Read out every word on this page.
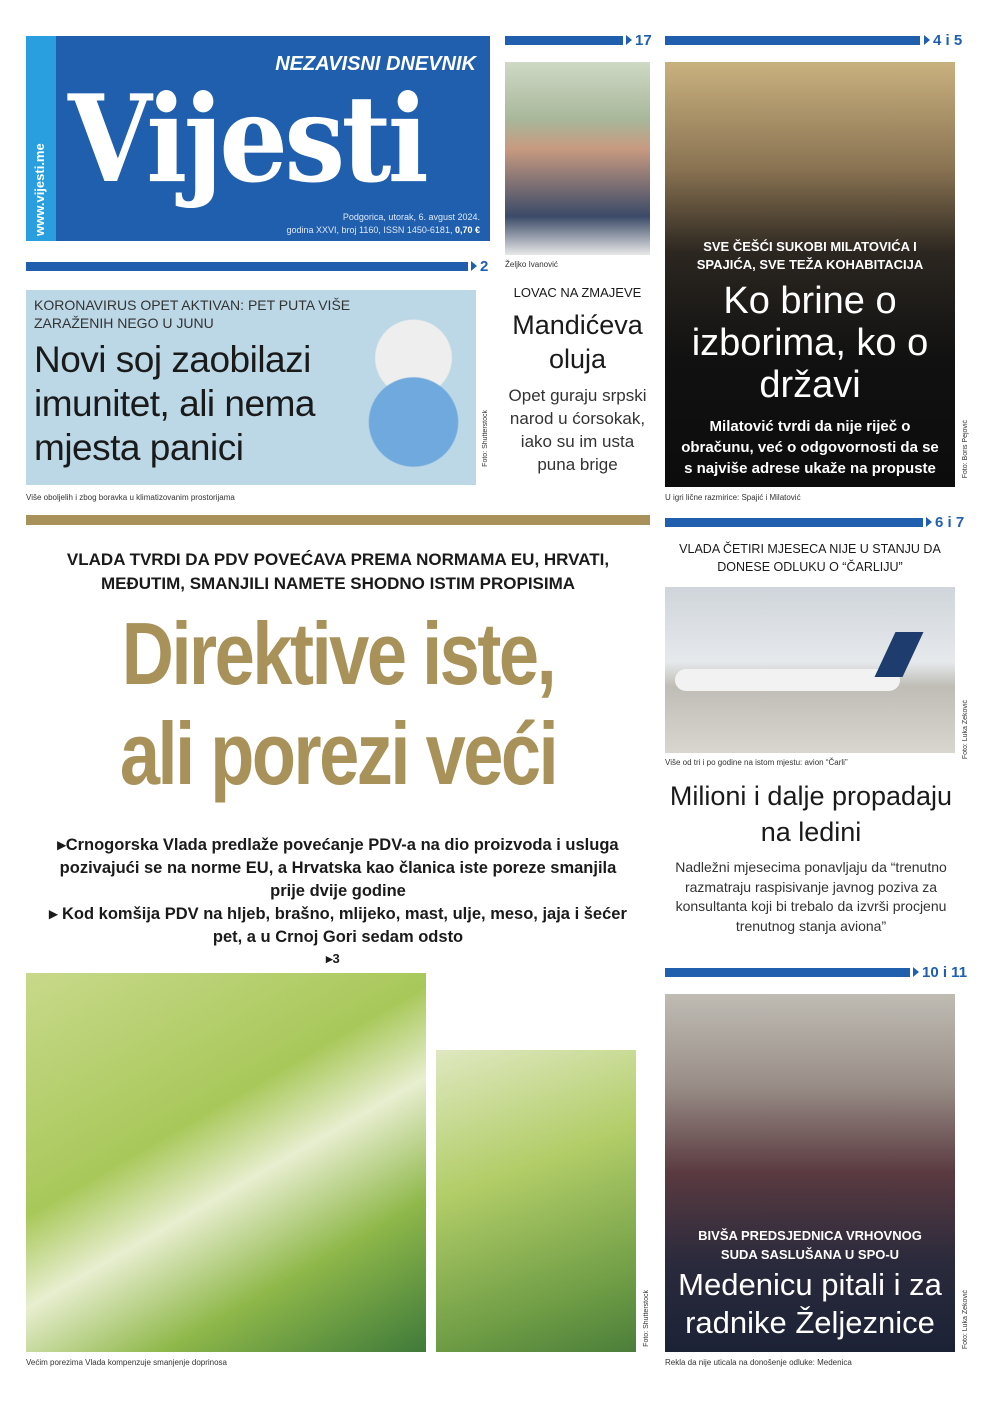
www.vijesti.me
NEZAVISNI DNEVNIK
Vijesti
Podgorica, utorak, 6. avgust 2024.
godina XXVI, broj 1160, ISSN 1450-6181, 0,70 €
17
Željko Ivanović
LOVAC NA ZMAJEVE
Mandićeva oluja
Opet guraju srpski narod u ćorsokak, iako su im usta puna brige
2
KORONAVIRUS OPET AKTIVAN: PET PUTA VIŠE ZARAŽENIH NEGO U JUNU
Novi soj zaobilazi imunitet, ali nema mjesta panici	Foto: Shutterstock
Više oboljelih i zbog boravka u klimatizovanim prostorijama
4 i 5
SVE ČEŠĆI SUKOBI MILATOVIĆA I SPAJIĆA, SVE TEŽA KOHABITACIJA
Ko brine o izborima, ko o državi
Milatović tvrdi da nije riječ o obračunu, već o odgovornosti da se s najviše adrese ukaže na propuste	Foto: Boris Pejović
U igri lične razmirice: Spajić i Milatović
VLADA TVRDI DA PDV POVEĆAVA PREMA NORMAMA EU, HRVATI, MEĐUTIM, SMANJILI NAMETE SHODNO ISTIM PROPISIMA
Direktive iste,
ali porezi veći
▸Crnogorska Vlada predlaže povećanje PDV-a na dio proizvoda i usluga pozivajući se na norme EU, a Hrvatska kao članica iste poreze smanjila prije dvije godine
▸ Kod komšija PDV na hljeb, brašno, mlijeko, mast, ulje, meso, jaja i šećer pet, a u Crnoj Gori sedam odsto
▸3
Foto: Shutterstock
Većim porezima Vlada kompenzuje smanjenje doprinosa
6 i 7
VLADA ČETIRI MJESECA NIJE U STANJU DA DONESE ODLUKU O “ČARLIJU”
Foto: Luka Zeković
Više od tri i po godine na istom mjestu: avion “Čarli”
Milioni i dalje propadaju na ledini
Nadležni mjesecima ponavljaju da “trenutno razmatraju raspisivanje javnog poziva za konsultanta koji bi trebalo da izvrši procjenu trenutnog stanja aviona”
10 i 11
BIVŠA PREDSJEDNICA VRHOVNOG SUDA SASLUŠANA U SPO-U
Medenicu pitali i za radnike Željeznice	Foto: Luka Zeković
Rekla da nije uticala na donošenje odluke: Medenica
